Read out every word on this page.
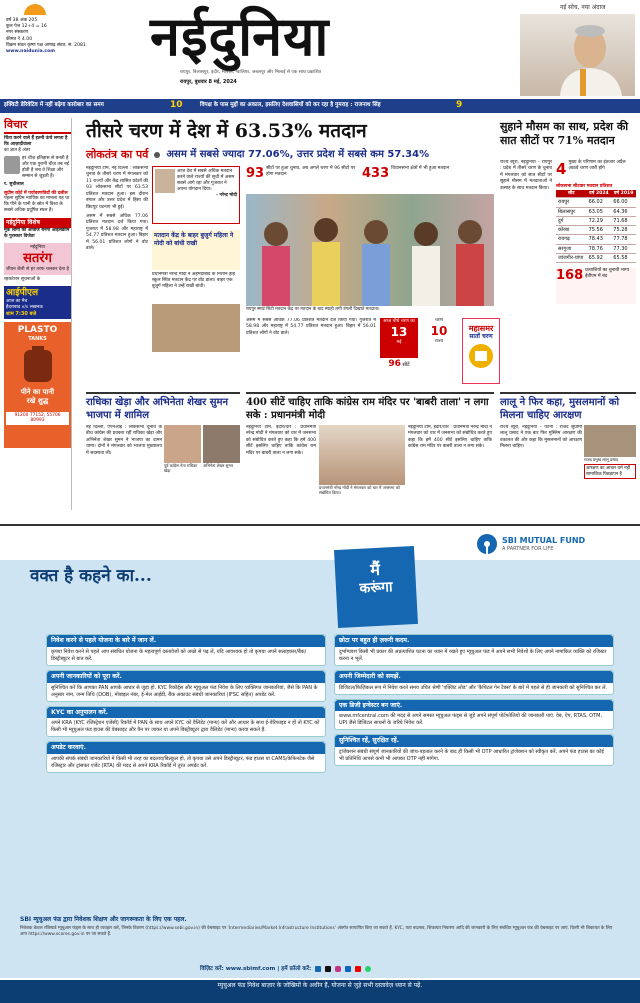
वर्ष 38 अंक 205
कुल पेज 12+4 = 16
नगर संस्करण
कीमत ₹ 4.00
विक्रम संवत कृष्ण पक्ष आषाढ़ संवत, सं. 2081
www.naidunia.com	नईदुनिया	नई सोच, नया अंदाज
रायपुर, बिलासपुर, इंदौर, भोपाल, ग्वालियर, जबलपुर और भिलाई से एक साथ प्रकाशित
रायपुर, बुधवार 8 मई, 2024
इक्विटी डेरिवेटिव में नहीं बढ़ेगा कारोबार का समय	10	विपक्ष के पास मुद्दों का अकाल, इसलिए देशवासियों को कर रहा है गुमराह : राजनाथ सिंह	9
विचार
चिंता करने वाले हैं इतनी ऊंचे लगता है कि आज़ादीवाला
का ज्ञात है अंतर
हर चीज़ इतिहास से बनती है और एक पुरानी चीज़ तब नई होती है जब वे शिक्षा और सम्मान से जुड़ती हैं।
र. सुधीलाल
सुप्रीम कोर्ट में पर्यावरणविदों की दलील
पहला सुप्रिम न्यायिक का मामला यह था कि पीने के पानी के स्रोत में विश्व के सबसे अधिक प्रदूषित स्थल हैं।
नईदुनिया विशेष
मूक लोगों की आवाज बनेगा आइसक्रीम के पुरस्कार विजेता
नईदुनिया
सतरंग
जीवन शैली से हर तरफ चलकर देता है
रहकरेशन सूचनाओं के
आईपीएल
आज का मैच
हैदराबाद v/s लखनऊ
शाम 7:30 बजे
PLASTO
TANKS
पीने का पानी
रखे शुद्ध
91200 77152, 55706 80993
तीसरे चरण में देश में 63.53% मतदान
लोकतंत्र का पर्व असम में सबसे ज्यादा 77.06%, उत्तर प्रदेश में सबसे कम 57.34%
नईदुनिया टीम, नई दिल्ली : लोकसभा चुनाव के तीसरे चरण में मंगलवार को 11 राज्यों और केंद्र शासित प्रदेशों की 93 लोकसभा सीटों पर 63.53 प्रतिशत मतदान हुआ। इस दौरान बंगाल और उत्तर प्रदेश में हिंसा की छिटपुट घटनाएं भी हुईं।
असम में सबसे अधिक 77.06 प्रतिशत मतदान दर्ज किया गया। गुजरात में 58.98 और महाराष्ट्र में 54.77 प्रतिशत मतदान हुआ। बिहार में 56.01 प्रतिशत लोगों ने वोट डाले।
आज देश में सबसे अधिक मतदान करने वाले राज्यों की सूची में असम सबसे आगे रहा और गुजरात ने अपना योगदान दिया।
- नरेन्द्र मोदी
मतदान केंद्र के बाहर बुजुर्ग महिला ने मोदी को बांधी राखी
प्रधानमंत्री नरेन्द्र मोदी ने अहमदाबाद के निशान हाई स्कूल स्थित मतदान केंद्र पर वोट डाला। बाहर एक बुजुर्ग महिला ने उन्हें राखी बांधी।
93 सीटों पर हुआ चुनाव, अब अगले चरण में 96 सीटों पर होगा मतदान	433 विधानसभा क्षेत्रों में भी हुआ मतदान
रायपुर स्मार्ट सिटी मतदान केंद्र पर मतदान के बाद स्याही लगी उंगली दिखाते मतदाता।
असम में सबसे अधिक 77.06 प्रतिशत मतदान दर्ज किया गया। गुजरात में 58.98 और महाराष्ट्र में 54.77 प्रतिशत मतदान हुआ। बिहार में 56.01 प्रतिशत लोगों ने वोट डाले।
आज चौथे चरण का
13
मई
96 सीटें
चरण
10
राज्य
महासमर
सातों चरण
सुहाने मौसम का साथ, प्रदेश की सात सीटों पर 71% मतदान
राज्य ब्यूरो, नईदुनिया – रायपुर : प्रदेश में तीसरे चरण के चुनाव में मंगलवार को सात सीटों पर सुहाने मौसम में मतदाताओं ने उत्साह के साथ मतदान किया।
4 मुख्य के परिणाम का इंतजार अप्रैल आठवें चरण जारी होंगे
लोकसभा सीटवार मतदान प्रतिशत
सीट	वर्ष 2024	वर्ष 2019
रायपुर	66.02	66.00
बिलासपुर	63.05	64.36
दुर्ग	72.29	71.68
कोरबा	75.56	75.28
रायगढ़	78.43	77.78
सरगुजा	78.76	77.30
जांजगीर-चांपा	65.92	65.58
168 प्रत्याशियों का चुनावी भाग्य ईवीएम में बंद
राधिका खेड़ा और अभिनेता शेखर सुमन भाजपा में शामिल
नई दिल्ली, एएनआई : लोकसभा चुनाव के बीच कांग्रेस की प्रवक्ता रहीं राधिका खेड़ा और अभिनेता शेखर सुमन ने भाजपा का दामन थामा। दोनों ने मंगलवार को भाजपा मुख्यालय में सदस्यता ली।
पूर्व कांग्रेस नेता राधिका खेड़ा
अभिनेता शेखर सुमन
400 सीटें चाहिए ताकि कांग्रेस राम मंदिर पर 'बाबरी ताला' न लगा सके : प्रधानमंत्री मोदी
नईदुनिया टीम, इंदौर/धार : प्रधानमंत्री नरेन्द्र मोदी ने मंगलवार को धार में जनसभा को संबोधित करते हुए कहा कि हमें 400 सीटें इसलिए चाहिए ताकि कांग्रेस राम मंदिर पर बाबरी ताला न लगा सके।
प्रधानमंत्री नरेन्द्र मोदी ने मंगलवार को धार में जनसभा को संबोधित किया।
नईदुनिया टीम, इंदौर/धार : प्रधानमंत्री नरेन्द्र मोदी ने मंगलवार को धार में जनसभा को संबोधित करते हुए कहा कि हमें 400 सीटें इसलिए चाहिए ताकि कांग्रेस राम मंदिर पर बाबरी ताला न लगा सके।
लालू ने फिर कहा, मुसलमानों को मिलना चाहिए आरक्षण
राज्य ब्यूरो, नईदुनिया – पटना : राजद सुप्रीमो लालू प्रसाद ने एक बार फिर मुस्लिम आरक्षण की वकालत की और कहा कि मुसलमानों को आरक्षण मिलना चाहिए।
राजद प्रमुख लालू प्रसाद
आरक्षण का आधार धर्म नहीं सामाजिक पिछड़ापन है
SBI MUTUAL FUND
A PARTNER FOR LIFE
वक्त है कहने का...	मैं
करूंगा
निवेश करने से पहले योजना के बारे में जान लें.
कृपया निवेश करने से पहले आप संबंधित योजना के महत्वपूर्ण दस्तावेजों को अच्छे से पढ़ लें, यदि आवश्यक हो तो कृपया अपने सलाहकार/बैंक/डिस्ट्रीब्यूटर से बात करें.
अपनी जानकारियों को पूरा करें.
सुनिश्चित करें कि आपका PAN आपके आधार से जुड़ा हो. KYC रिकॉर्ड्स और म्यूचुअल फंड निवेश के लिए व्यक्तिगत जानकारियां, जैसे कि PAN के अनुसार नाम, जन्म तिथि (DOB), मोबाइल नंबर, ई-मेल आईडी, बैंक अकाउंट संबंधी जानकारियां (IFSC सहित) अपडेट करें.
KYC का अनुपालन करें.
अपने KRA (KYC रजिस्ट्रेशन एजेंसी) रिकॉर्ड में PAN के साथ अपने KYC को वैलिडेट (मान्य) करें और आधार के साथ ई-वेरिफाइड न हों तो KYC को किसी भी म्यूचुअल फंड हाउस की वेबसाइट और पैन पर जाकर या अपने डिस्ट्रीब्यूटर द्वारा वैलिडेट (मान्य) करवा सकते हैं.
अपडेट करवाएं.
आपकी संपर्क संबंधी जानकारियों में किसी भी तरह का बदलाव/बिल्कुल हो, तो कृपया उसे अपने डिस्ट्रीब्यूटर, फंड हाउस या CAMS/केफिनटेक जैसे रजिस्ट्रार और ट्रांसफर एजेंट (RTA) की मदद से अपने KRA रिकॉर्ड में तुरंत अपडेट करें.
छोटा पर बहुत ही ज़रूरी कदम.
दुर्भाग्यवश किसी भी प्रकार की अप्रत्याशित घटना का ध्यान में रखते हुए म्यूचुअल फंड में अपने सभी निवेशों के लिए अपने नामांकित व्यक्ति को रजिस्टर करना न भूलें.
अपनी जिम्मेदारी को समझें.
डिजिटल/फिज़िकल रूप में निवेश करते समय उचित श्रेणी 'एक्ज़िट लोड' और 'कैपिटल गेन टैक्स' के बारे में पहले से ही जानकारी को सुनिश्चित कर लें.
एक डिजी इन्वेस्टर बन जाएं.
www.mfcentral.com की मदद से अपने समस्त म्यूचुअल फंड्स से जुड़े अपने संपूर्ण पोर्टफोलियो की जानकारी पाएं. वेब, ऐप, RTAS, OTM, UPI जैसे डिजिटल साधनों के जरिये निवेश करें.
सुनिश्चित रहें, सुरक्षित रहें.
ट्रांजेक्शन संबंधी संपूर्ण जानकारियों की जांच-पड़ताल करने के बाद ही किसी भी OTP आधारित ट्रांजेक्शन को स्वीकृत करें. अपने फंड हाउस का कोई भी प्रतिनिधि आपसे कभी भी आपका OTP नहीं मांगेगा.
SBI म्युचुअल फंड द्वारा निवेशक शिक्षण और जागरूकता के लिए एक पहल.
निवेशक केवल रजिस्टर्ड म्यूचुअल फंड्स के साथ ही व्यवहार करें, जिनके विवरण (https://www.sebi.gov.in) की वेबसाइट पर 'Intermediaries/Market Infrastructure Institutions' अंतर्गत सत्यापित किए जा सकते हैं. KYC, पता बदलाव, शिकायत निवारण आदि की जानकारी के लिए संबंधित म्यूचुअल फंड की वेबसाइट पर जाएं. किसी भी शिकायत के लिए आप https://www.scores.gov.in पर जा सकते हैं.
विज़िट करें: www.sbimf.com | हमें फ़ॉलो करें:
म्युचुअल फंड निवेश बाज़ार के जोखिमों के अधीन हैं, योजना से जुड़े सभी दस्तावेज़ ध्यान से पढ़ें.
